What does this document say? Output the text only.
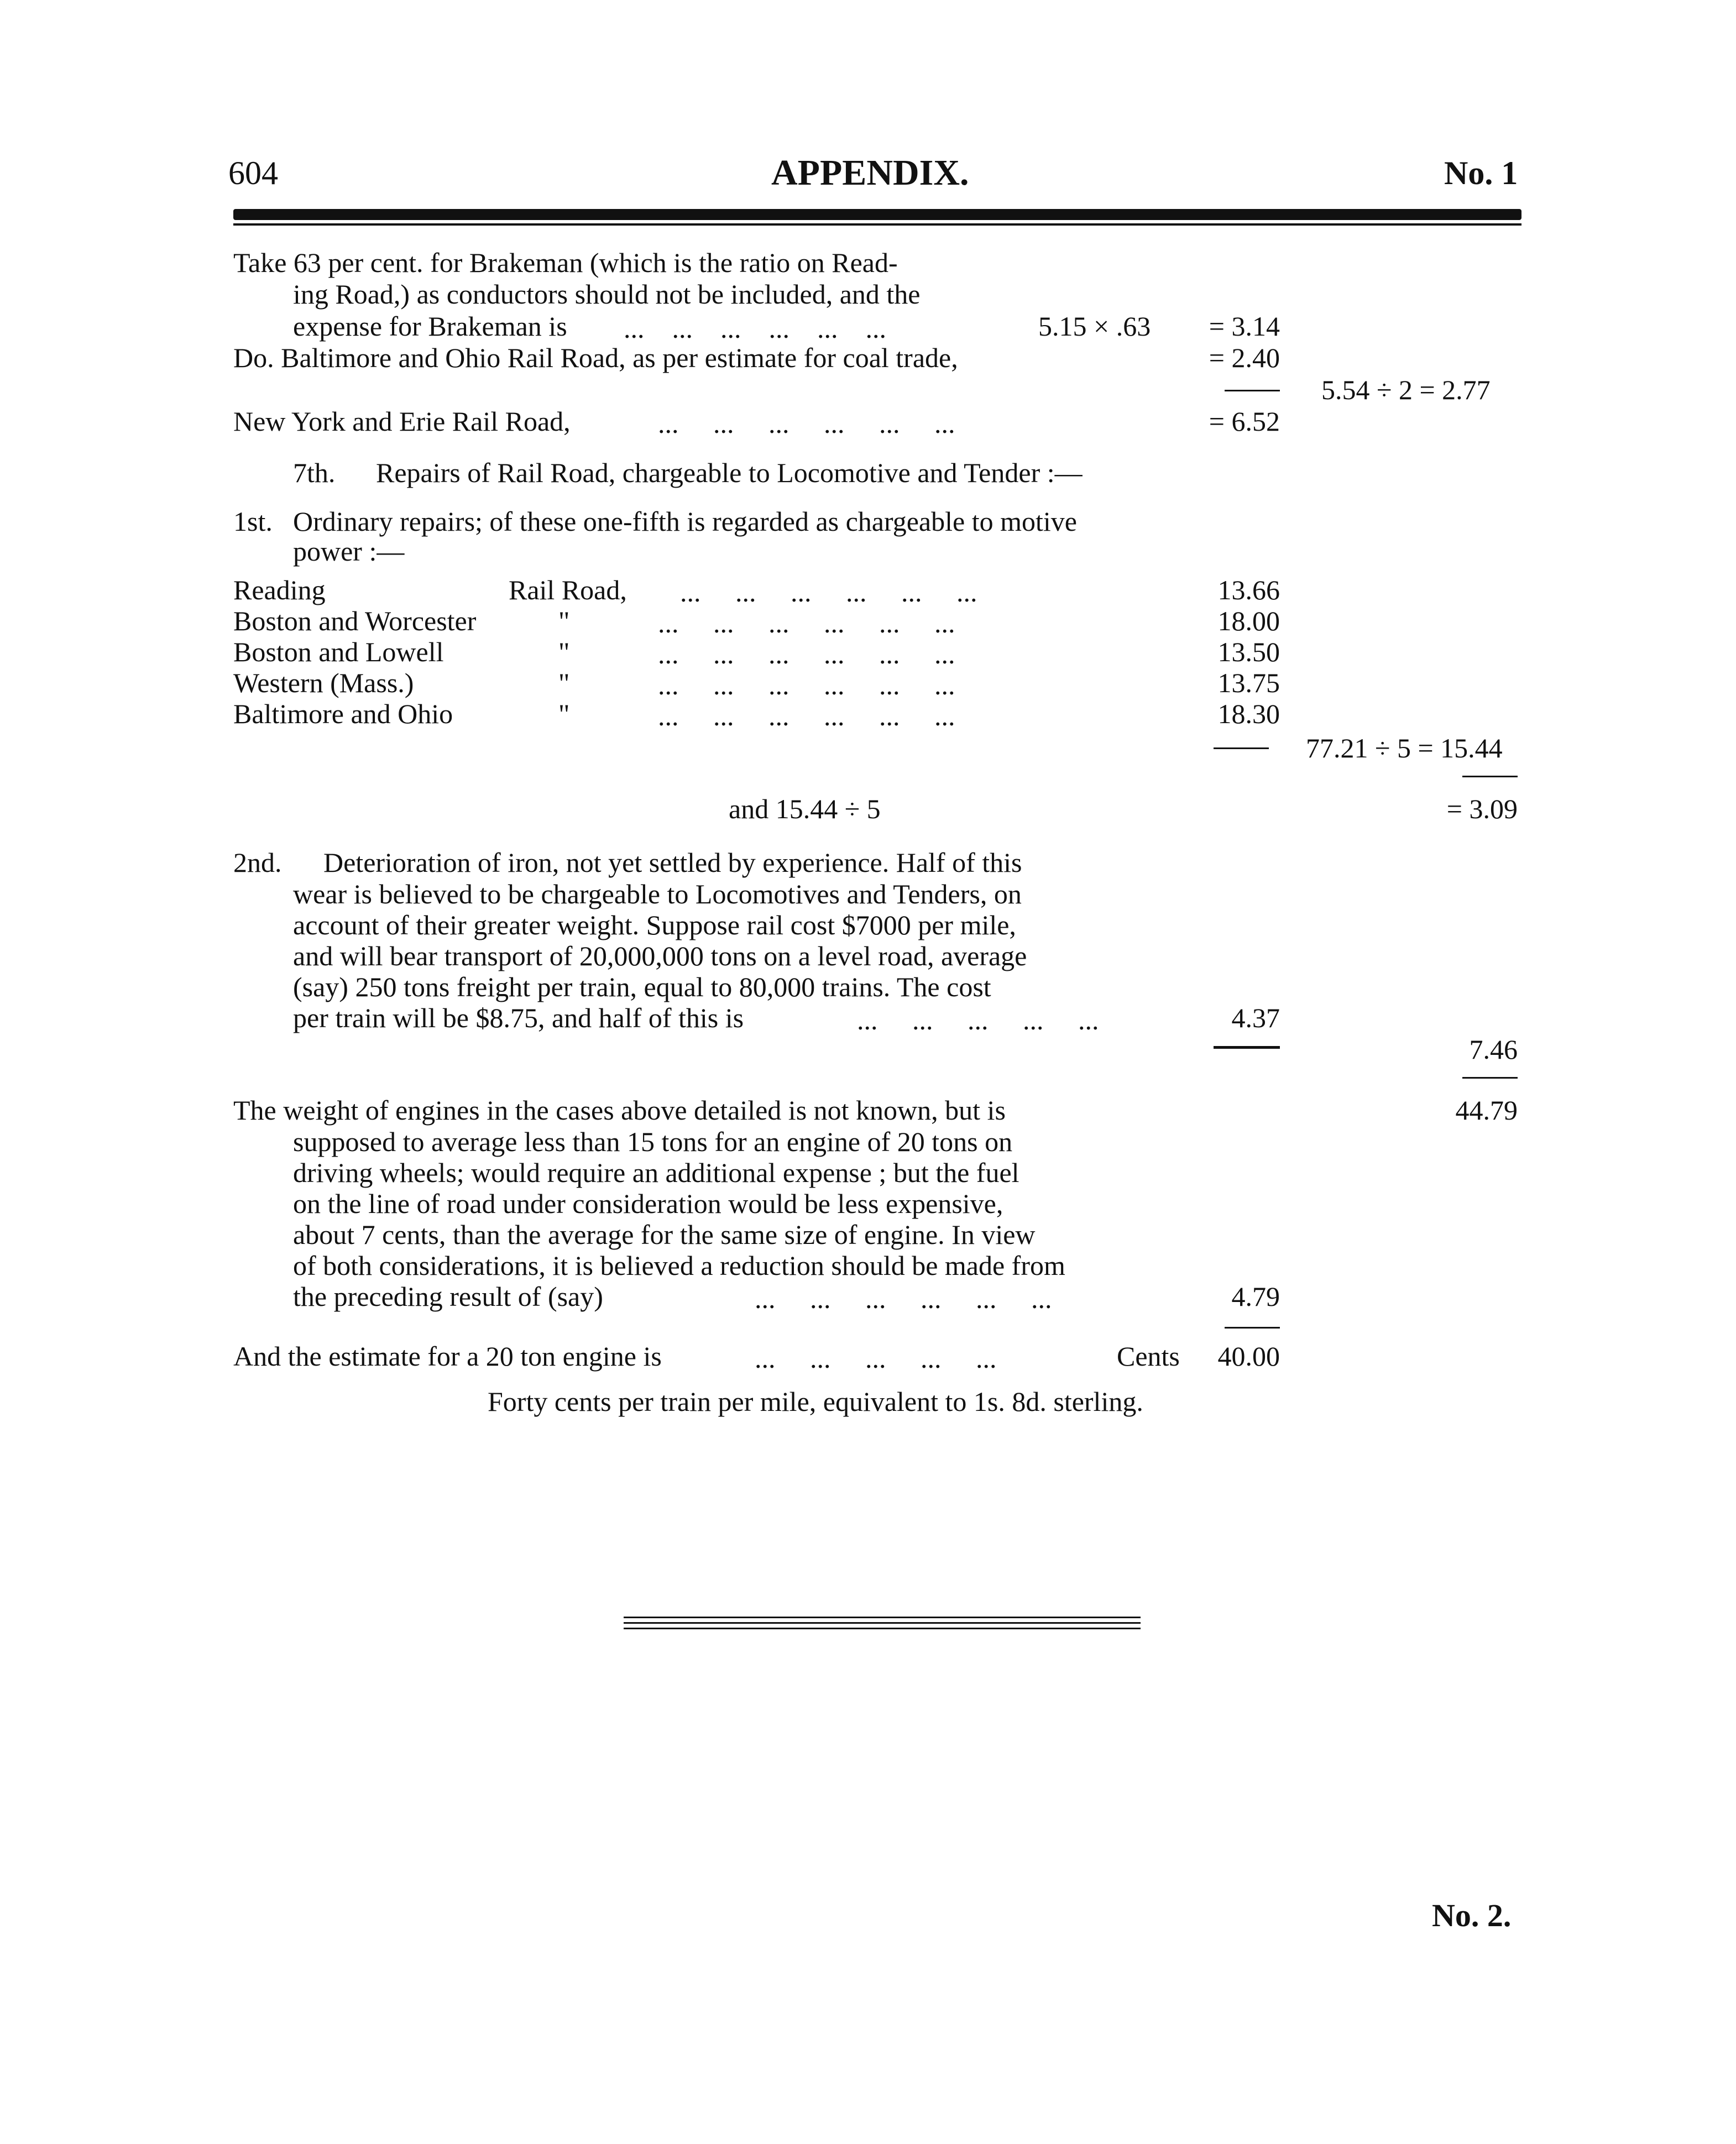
604	APPENDIX.	No. 1
Take 63 per cent. for Brakeman (which is the ratio on Read-
ing Road,) as conductors should not be included, and the
expense for Brakeman is ...    ...    ...    ...    ...    ...	5.15 × .63	= 3.14
Do. Baltimore and Ohio Rail Road, as per estimate for coal trade,	= 2.40
5.54 ÷ 2 = 2.77
New York and Erie Rail Road,	...     ...     ...     ...     ...     ...	= 6.52
7th. Repairs of Rail Road, chargeable to Locomotive and Tender :—
1st. Ordinary repairs; of these one-fifth is regarded as chargeable to motive
power :—
Reading	Rail Road, ...     ...     ...     ...     ...     ...	13.66
Boston and Worcester	"	...     ...     ...     ...     ...     ...	18.00
Boston and Lowell	"	...     ...     ...     ...     ...     ...	13.50
Western (Mass.)	"	...     ...     ...     ...     ...     ...	13.75
Baltimore and Ohio	"	...     ...     ...     ...     ...     ...	18.30
77.21 ÷ 5 = 15.44
and 15.44 ÷ 5	= 3.09
2nd. Deterioration of iron, not yet settled by experience. Half of this
wear is believed to be chargeable to Locomotives and Tenders, on
account of their greater weight. Suppose rail cost $7000 per mile,
and will bear transport of 20,000,000 tons on a level road, average
(say) 250 tons freight per train, equal to 80,000 trains. The cost
per train will be $8.75, and half of this is	...     ...     ...     ...     ...	4.37
7.46
44.79
The weight of engines in the cases above detailed is not known, but is
supposed to average less than 15 tons for an engine of 20 tons on
driving wheels; would require an additional expense ; but the fuel
on the line of road under consideration would be less expensive,
about 7 cents, than the average for the same size of engine. In view
of both considerations, it is believed a reduction should be made from
the preceding result of (say)	...     ...     ...     ...     ...     ...	4.79
And the estimate for a 20 ton engine is	...     ...     ...     ...     ...	Cents	40.00
Forty cents per train per mile, equivalent to 1s. 8d. sterling.
No. 2.
